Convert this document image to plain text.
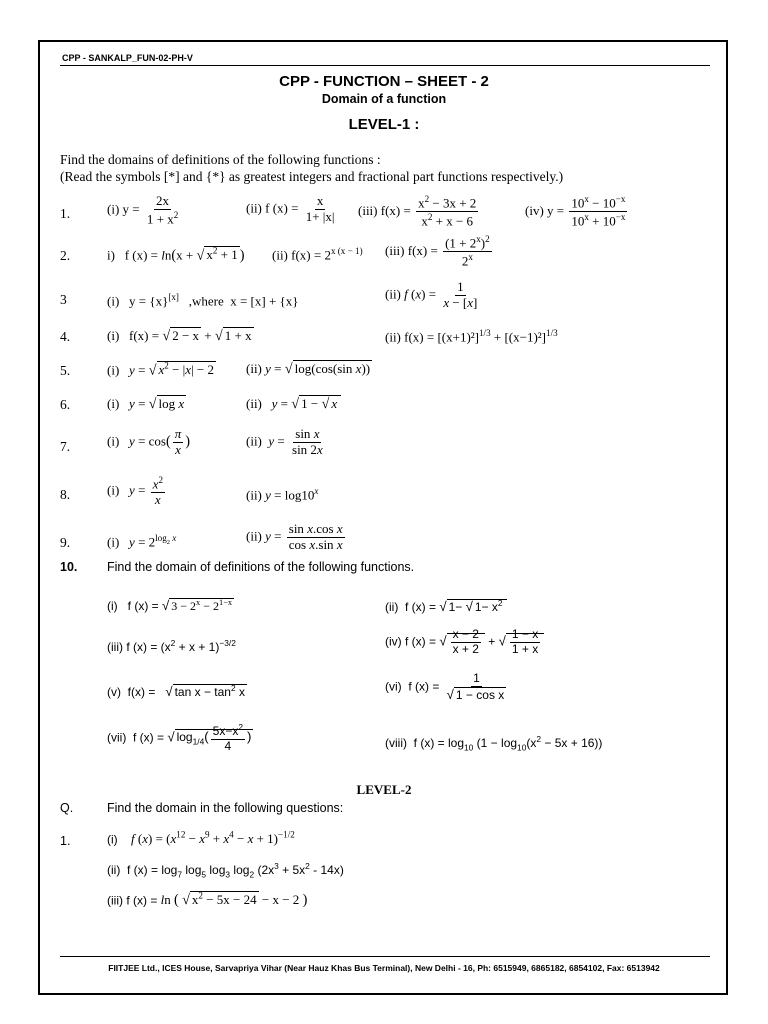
CPP - SANKALP_FUN-02-PH-V
CPP - FUNCTION – SHEET - 2
Domain of a function
LEVEL-1 :
Find the domains of definitions of the following functions :
(Read the symbols [*] and {*} as greatest integers and fractional part functions respectively.)
1.	(i) $y = \frac{2x}{1 + x^2}$	(ii) f $(x) = \frac{x}{1+ |x|} (iii) f(x) = \frac{x^2 - 3x + 2}{x^2 + x - 6}$	(iv) $y = \frac{10^x - 10^{-x}}{10^x + 10^{-x}}$
2.	i)   f (x) = ln(x + √ $x^2 + 1$ ) (ii) $f(x) = 2^{x (x - 1)}$ (iii) $f(x) = \frac{(1 + 2^x)^2}{2^x}$
3	(i)   y = {x}[x]   ,where  x = [x] + {x}	(ii) f $(x) = \frac{1}{x - [x]}$
4.	(i)   f(x) = √ 2 − x + √ 1 + x	(ii) $f(x) = [(x+1)^2]^{1/3} + [(x-1)^2]^{1/3}$
5.	(i)   y = √ $x^2 - |x| - 2$ (ii) y = √ log(cos(sin x))
6.	(i)   y = √ log x	(ii)   y = √ 1 − √ x
7.	(i)   $y = \cos( \frac{\pi}{x}$ )	(ii)  $y = \frac{\text{sin x}}{\sin 2x}$
8.	(i)   $y = \frac{x^2}{x}$	(ii) $y = \log 10^x$
9.	(i)   $y = 2^{log_2 x}$	(ii) $y = \frac{\text{sin x.cos x}}{\text{cos x.sin x}}$
10. Find the domain of definitions of the following functions.
(i)   f (x) = √ $3 - 2^x - 2^{1-x}$	(ii)  f (x) = √ 1− √ $1- x^2$
(iii) f $(x) = (x^2 + x + 1)^{-3/2}$	(iv) f (x) = √ $\frac{x - 2}{x + 2}$ + √ $\frac{1 - x}{1 + x}$
(v)  f(x) =   √ $\tan x - \tan^2 x$	(vi)  f $(x) = \frac{1}{\text{√ 1 − cos x}}$
(vii)  f (x) = √ $\log_{1/4}( \frac{5x-x^2}{4}$ )	(viii)  f $(x) = \log_{10} (1 - \log_{10}(x^2 - 5x + 16))$
LEVEL-2
Q.	Find the domain in the following questions:
1.	(i)    f $(x) = (x^{12} - x^9 + x^4 - x + 1)^{-1/2}$
(ii)  f $(x) = \log_7 \log_5 \log_3 \log_2 (2x^3 + 5x^2 - 14x)$
(iii) f (x) = ln ( √ $x^2 - 5x - 24 - x - 2$ )
FIITJEE Ltd., ICES House, Sarvapriya Vihar (Near Hauz Khas Bus Terminal), New Delhi - 16, Ph: 6515949, 6865182, 6854102, Fax: 6513942
